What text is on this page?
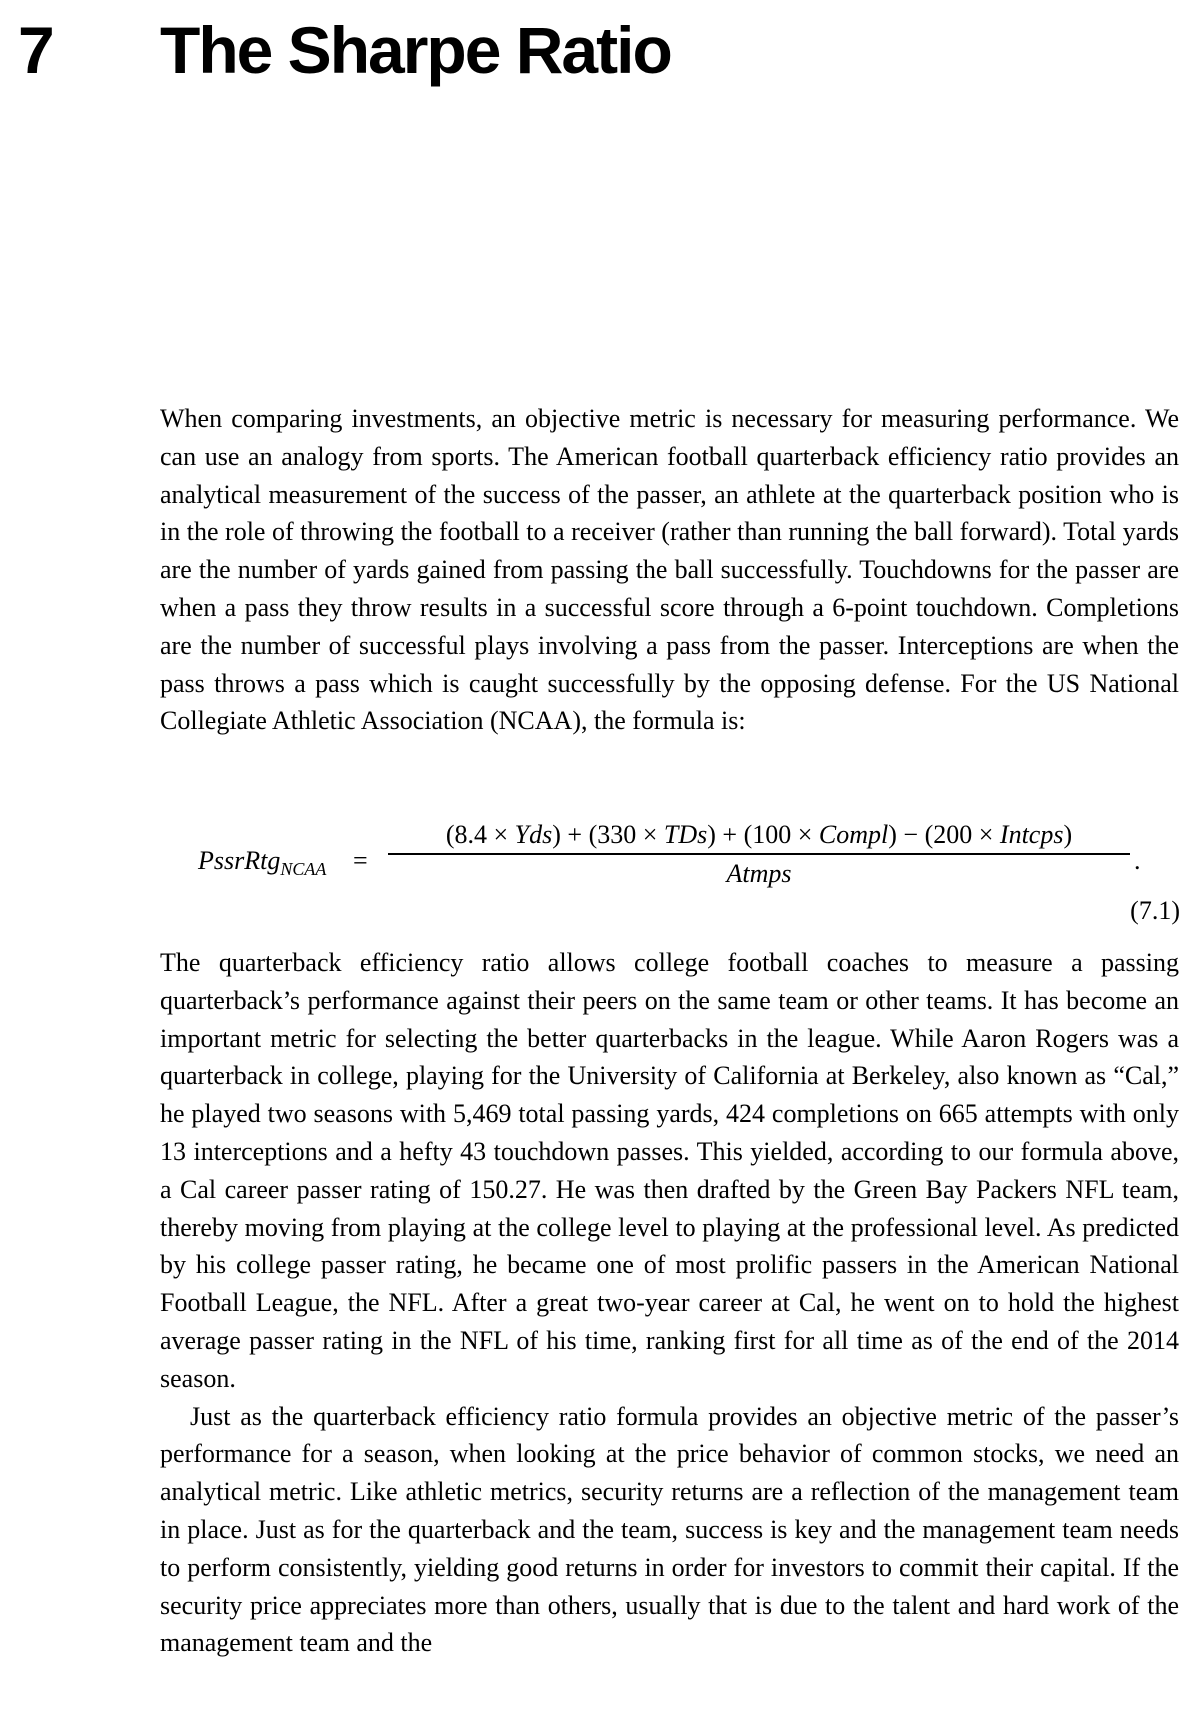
7 The Sharpe Ratio

When comparing investments, an objective metric is necessary for measuring performance. We can use an analogy from sports. The American football quarterback efficiency ratio provides an analytical measurement of the success of the passer, an athlete at the quarterback position who is in the role of throwing the football to a receiver (rather than running the ball forward). Total yards are the number of yards gained from passing the ball successfully. Touchdowns for the passer are when a pass they throw results in a successful score through a 6-point touchdown. Completions are the number of successful plays involving a pass from the passer. Interceptions are when the pass throws a pass which is caught successfully by the opposing defense. For the US National Collegiate Athletic Association (NCAA), the formula is:

PssrRtg$_{NCAA}$ =
(8.4 × Yds) + (330 × TDs) + (100 × Compl) − (200 × Intcps)
Atmps	.
(7.1)

The quarterback efficiency ratio allows college football coaches to measure a passing quarterback’s performance against their peers on the same team or other teams. It has become an important metric for selecting the better quarterbacks in the league. While Aaron Rogers was a quarterback in college, playing for the University of California at Berkeley, also known as “Cal,” he played two seasons with 5,469 total passing yards, 424 completions on 665 attempts with only 13 interceptions and a hefty 43 touchdown passes. This yielded, according to our formula above, a Cal career passer rating of 150.27. He was then drafted by the Green Bay Packers NFL team, thereby moving from playing at the college level to playing at the professional level. As predicted by his college passer rating, he became one of most prolific passers in the American National Football League, the NFL. After a great two-year career at Cal, he went on to hold the highest average passer rating in the NFL of his time, ranking first for all time as of the end of the 2014 season.

Just as the quarterback efficiency ratio formula provides an objective metric of the passer’s performance for a season, when looking at the price behavior of common stocks, we need an analytical metric. Like athletic metrics, security returns are a reflection of the management team in place. Just as for the quarterback and the team, success is key and the management team needs to perform consistently, yielding good returns in order for investors to commit their capital. If the security price appreciates more than others, usually that is due to the talent and hard work of the management team and the
